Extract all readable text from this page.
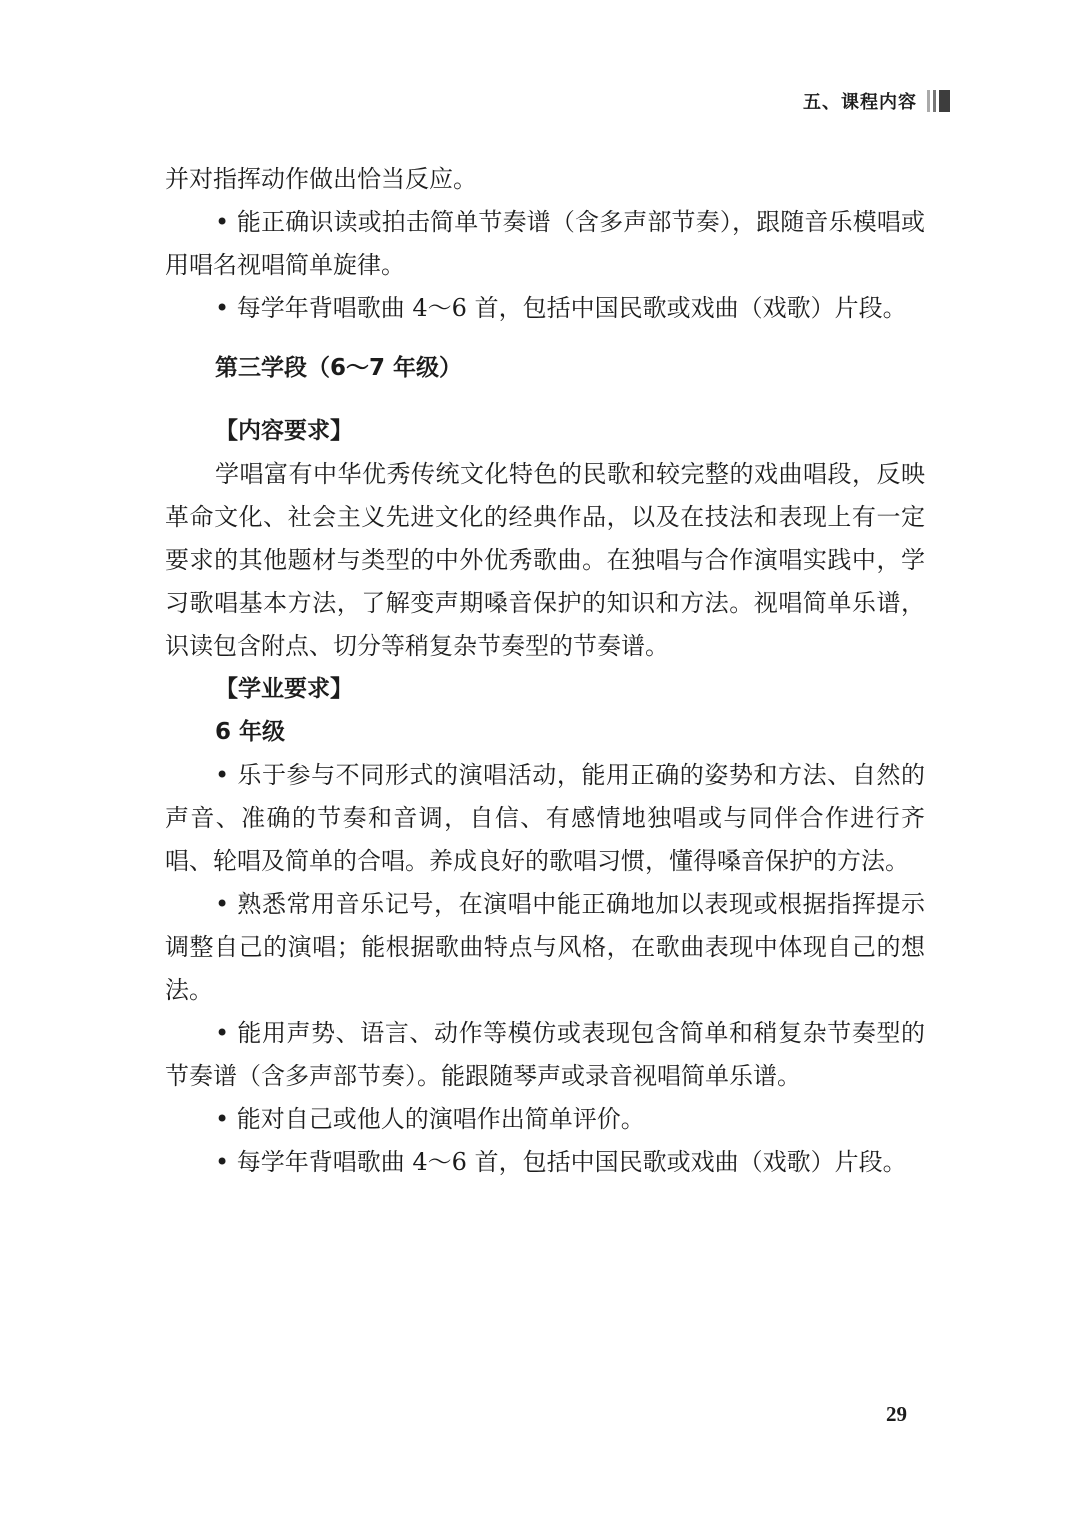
五、课程内容

并对指挥动作做出恰当反应。

• 能正确识读或拍击简单节奏谱（含多声部节奏），跟随音乐模唱或用唱名视唱简单旋律。

• 每学年背唱歌曲 4～6 首，包括中国民歌或戏曲（戏歌）片段。

第三学段（6～7 年级）

【内容要求】

学唱富有中华优秀传统文化特色的民歌和较完整的戏曲唱段，反映革命文化、社会主义先进文化的经典作品，以及在技法和表现上有一定要求的其他题材与类型的中外优秀歌曲。在独唱与合作演唱实践中，学习歌唱基本方法，了解变声期嗓音保护的知识和方法。视唱简单乐谱，识读包含附点、切分等稍复杂节奏型的节奏谱。

【学业要求】

6 年级

• 乐于参与不同形式的演唱活动，能用正确的姿势和方法、自然的声音、准确的节奏和音调，自信、有感情地独唱或与同伴合作进行齐唱、轮唱及简单的合唱。养成良好的歌唱习惯，懂得嗓音保护的方法。

• 熟悉常用音乐记号，在演唱中能正确地加以表现或根据指挥提示调整自己的演唱；能根据歌曲特点与风格，在歌曲表现中体现自己的想法。

• 能用声势、语言、动作等模仿或表现包含简单和稍复杂节奏型的节奏谱（含多声部节奏）。能跟随琴声或录音视唱简单乐谱。

• 能对自己或他人的演唱作出简单评价。

• 每学年背唱歌曲 4～6 首，包括中国民歌或戏曲（戏歌）片段。

29
